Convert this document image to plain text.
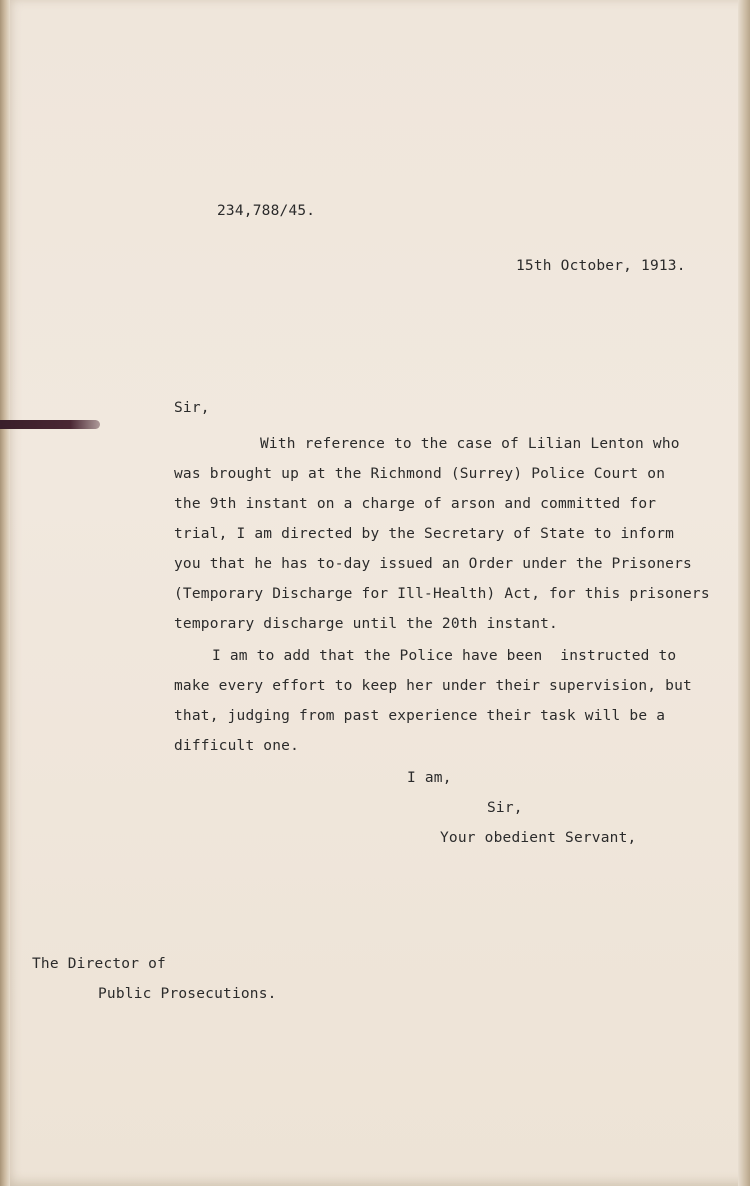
234,788/45.
15th October, 1913.
Sir,
With reference to the case of Lilian Lenton who
was brought up at the Richmond (Surrey) Police Court on
the 9th instant on a charge of arson and committed for
trial, I am directed by the Secretary of State to inform
you that he has to-day issued an Order under the Prisoners
(Temporary Discharge for Ill-Health) Act, for this prisoners
temporary discharge until the 20th instant.
I am to add that the Police have been  instructed to
make every effort to keep her under their supervision, but
that, judging from past experience their task will be a
difficult one.
I am,
Sir,
Your obedient Servant,
The Director of
Public Prosecutions.
